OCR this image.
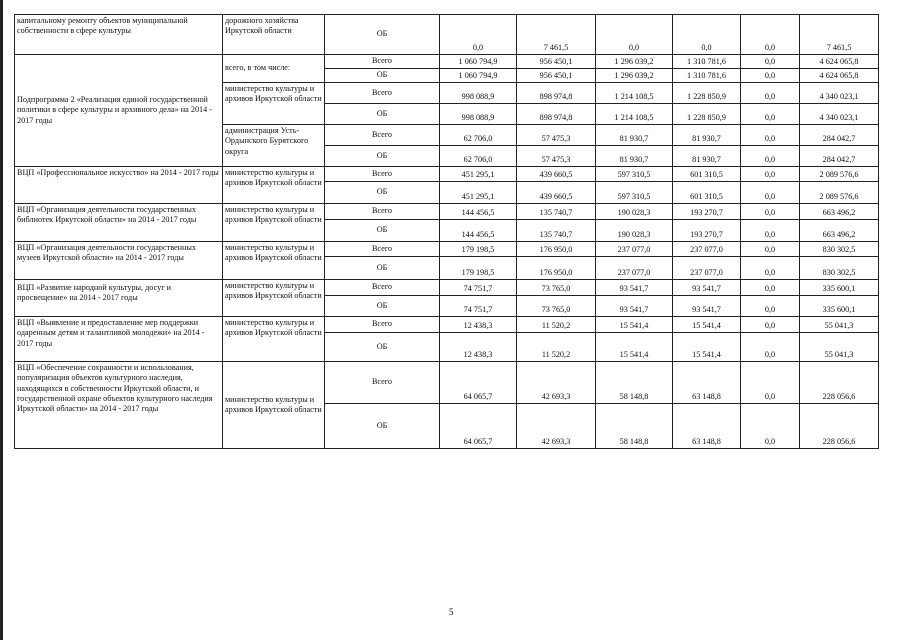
капитальному ремонту объектов муниципальной собственности в сфере культуры	дорожного хозяйства Иркутской области	ОБ	0,0	7 461,5	0,0	0,0	0,0	7 461,5
Подпрограмма 2 «Реализация единой государственной политики в сфере культуры и архивного дела» на 2014 - 2017 годы	всего, в том числе:	Всего	1 060 794,9	956 450,1	1 296 039,2	1 310 781,6	0,0	4 624 065,8
		ОБ	1 060 794,9	956 450,1	1 296 039,2	1 310 781,6	0,0	4 624 065,8
	министерство культуры и архивов Иркутской области	Всего	998 088,9	898 974,8	1 214 108,5	1 228 850,9	0,0	4 340 023,1
		ОБ	998 088,9	898 974,8	1 214 108,5	1 228 850,9	0,0	4 340 023,1
	администрация Усть-Ордынского Бурятского округа	Всего	62 706,0	57 475,3	81 930,7	81 930,7	0,0	284 042,7
		ОБ	62 706,0	57 475,3	81 930,7	81 930,7	0,0	284 042,7
ВЦП «Профессиональное искусство» на 2014 - 2017 годы	министерство культуры и архивов Иркутской области	Всего	451 295,1	439 660,5	597 310,5	601 310,5	0,0	2 089 576,6
		ОБ	451 295,1	439 660,5	597 310,5	601 310,5	0,0	2 089 576,6
ВЦП «Организация деятельности государственных библиотек Иркутской области» на 2014 - 2017 годы	министерство культуры и архивов Иркутской области	Всего	144 456,5	135 740,7	190 028,3	193 270,7	0,0	663 496,2
		ОБ	144 456,5	135 740,7	190 028,3	193 270,7	0,0	663 496,2
ВЦП «Организация деятельности государственных музеев Иркутской области» на 2014 - 2017 годы	министерство культуры и архивов Иркутской области	Всего	179 198,5	176 950,0	237 077,0	237 077,0	0,0	830 302,5
		ОБ	179 198,5	176 950,0	237 077,0	237 077,0	0,0	830 302,5
ВЦП «Развитие народной культуры, досуг и просвещение» на 2014 - 2017 годы	министерство культуры и архивов Иркутской области	Всего	74 751,7	73 765,0	93 541,7	93 541,7	0,0	335 600,1
		ОБ	74 751,7	73 765,0	93 541,7	93 541,7	0,0	335 600,1
ВЦП «Выявление и предоставление мер поддержки одаренным детям и талантливой молодежи» на 2014 - 2017 годы	министерство культуры и архивов Иркутской области	Всего	12 438,3	11 520,2	15 541,4	15 541,4	0,0	55 041,3
		ОБ	12 438,3	11 520,2	15 541,4	15 541,4	0,0	55 041,3
ВЦП «Обеспечение сохранности и использования, популяризация объектов культурного наследия, находящихся в собственности Иркутской области, и государственной охране объектов культурного наследия Иркутской области» на 2014 - 2017 годы	министерство культуры и архивов Иркутской области	Всего	64 065,7	42 693,3	58 148,8	63 148,8	0,0	228 056,6
		ОБ	64 065,7	42 693,3	58 148,8	63 148,8	0,0	228 056,6
5
